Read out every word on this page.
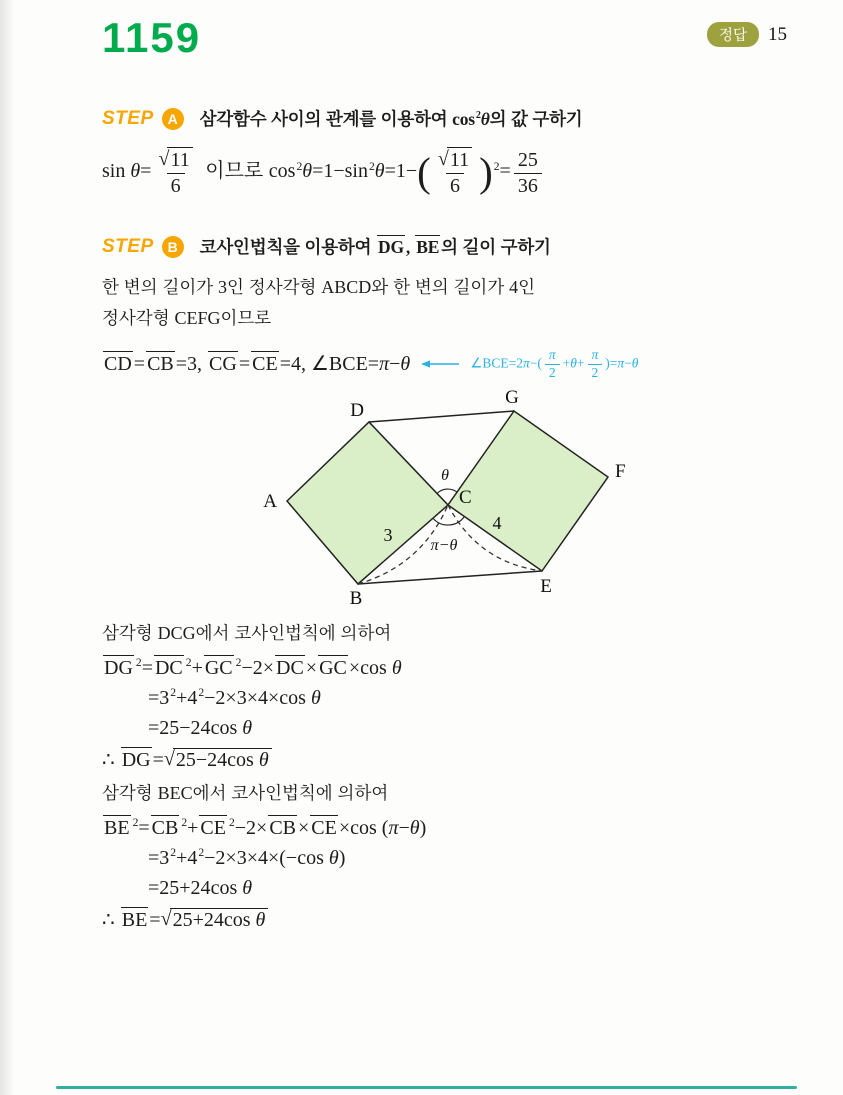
1159	정답	15
STEP A	삼각함수 사이의 관계를 이용하여 $\cos^2\theta$의 값 구하기
$\sin \theta= \frac{√11}{6}$ 이므로 $\cos^2\theta=1-\sin^2\theta=1-( \frac{√11}{6} )^2= \frac{25}{36}$
STEP B	코사인법칙을 이용하여 DG , BE 의 길이 구하기
한 변의 길이가 3인 정사각형 ABCD와 한 변의 길이가 4인
정사각형 CEFG이므로
CD = CB =3, CG = CE =4, ∠BCE=π−θ	∠BCE=2π−( $\frac{\pi}{2} +\theta+ \frac{\pi}{2} )=\pi-\theta$
A
B
C
D
E
F
G
θ
π−θ
3
4
삼각형 DCG에서 코사인법칙에 의하여
DG $^2$= DC $^2$+ GC $^2$−2× DC × GC ×cos θ
$=3^2+4^2-2\times 3\times 4\times\cos$ θ
=25−24cos θ
∴ DG =√25−24cos θ
삼각형 BEC에서 코사인법칙에 의하여
BE $^2$= CB $^2$+ CE $^2$−2× CB × CE ×cos (π−θ)
$=3^2+4^2-2\times 3\times 4\times(-\cos$ θ)
=25+24cos θ
∴ BE =√25+24cos θ
